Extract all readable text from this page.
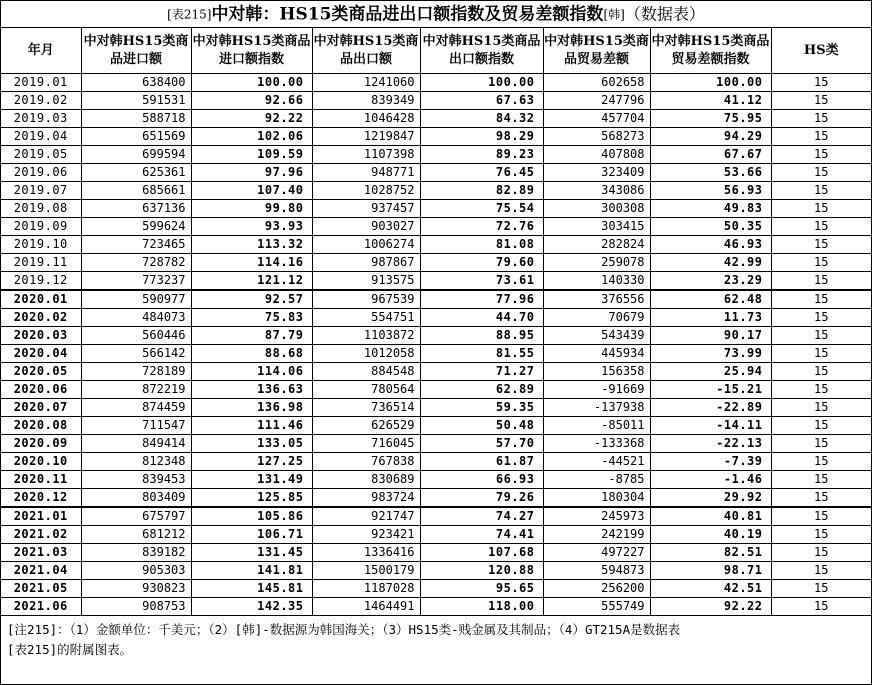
[表215]中对韩：HS15类商品进出口额指数及贸易差额指数[韩]（数据表）
年月	中对韩HS15类商品进口额	中对韩HS15类商品进口额指数	中对韩HS15类商品出口额	中对韩HS15类商品出口额指数	中对韩HS15类商品贸易差额	中对韩HS15类商品贸易差额指数	HS类
2019.01	638400	100.00	1241060	100.00	602658	100.00	15
2019.02	591531	92.66	839349	67.63	247796	41.12	15
2019.03	588718	92.22	1046428	84.32	457704	75.95	15
2019.04	651569	102.06	1219847	98.29	568273	94.29	15
2019.05	699594	109.59	1107398	89.23	407808	67.67	15
2019.06	625361	97.96	948771	76.45	323409	53.66	15
2019.07	685661	107.40	1028752	82.89	343086	56.93	15
2019.08	637136	99.80	937457	75.54	300308	49.83	15
2019.09	599624	93.93	903027	72.76	303415	50.35	15
2019.10	723465	113.32	1006274	81.08	282824	46.93	15
2019.11	728782	114.16	987867	79.60	259078	42.99	15
2019.12	773237	121.12	913575	73.61	140330	23.29	15
2020.01	590977	92.57	967539	77.96	376556	62.48	15
2020.02	484073	75.83	554751	44.70	70679	11.73	15
2020.03	560446	87.79	1103872	88.95	543439	90.17	15
2020.04	566142	88.68	1012058	81.55	445934	73.99	15
2020.05	728189	114.06	884548	71.27	156358	25.94	15
2020.06	872219	136.63	780564	62.89	-91669	-15.21	15
2020.07	874459	136.98	736514	59.35	-137938	-22.89	15
2020.08	711547	111.46	626529	50.48	-85011	-14.11	15
2020.09	849414	133.05	716045	57.70	-133368	-22.13	15
2020.10	812348	127.25	767838	61.87	-44521	-7.39	15
2020.11	839453	131.49	830689	66.93	-8785	-1.46	15
2020.12	803409	125.85	983724	79.26	180304	29.92	15
2021.01	675797	105.86	921747	74.27	245973	40.81	15
2021.02	681212	106.71	923421	74.41	242199	40.19	15
2021.03	839182	131.45	1336416	107.68	497227	82.51	15
2021.04	905303	141.81	1500179	120.88	594873	98.71	15
2021.05	930823	145.81	1187028	95.65	256200	42.51	15
2021.06	908753	142.35	1464491	118.00	555749	92.22	15
[注215]：（1）金额单位：千美元；（2）[韩]-数据源为韩国海关；（3）HS15类-贱金属及其制品；（4）GT215A是数据表
[表215]的附属图表。
